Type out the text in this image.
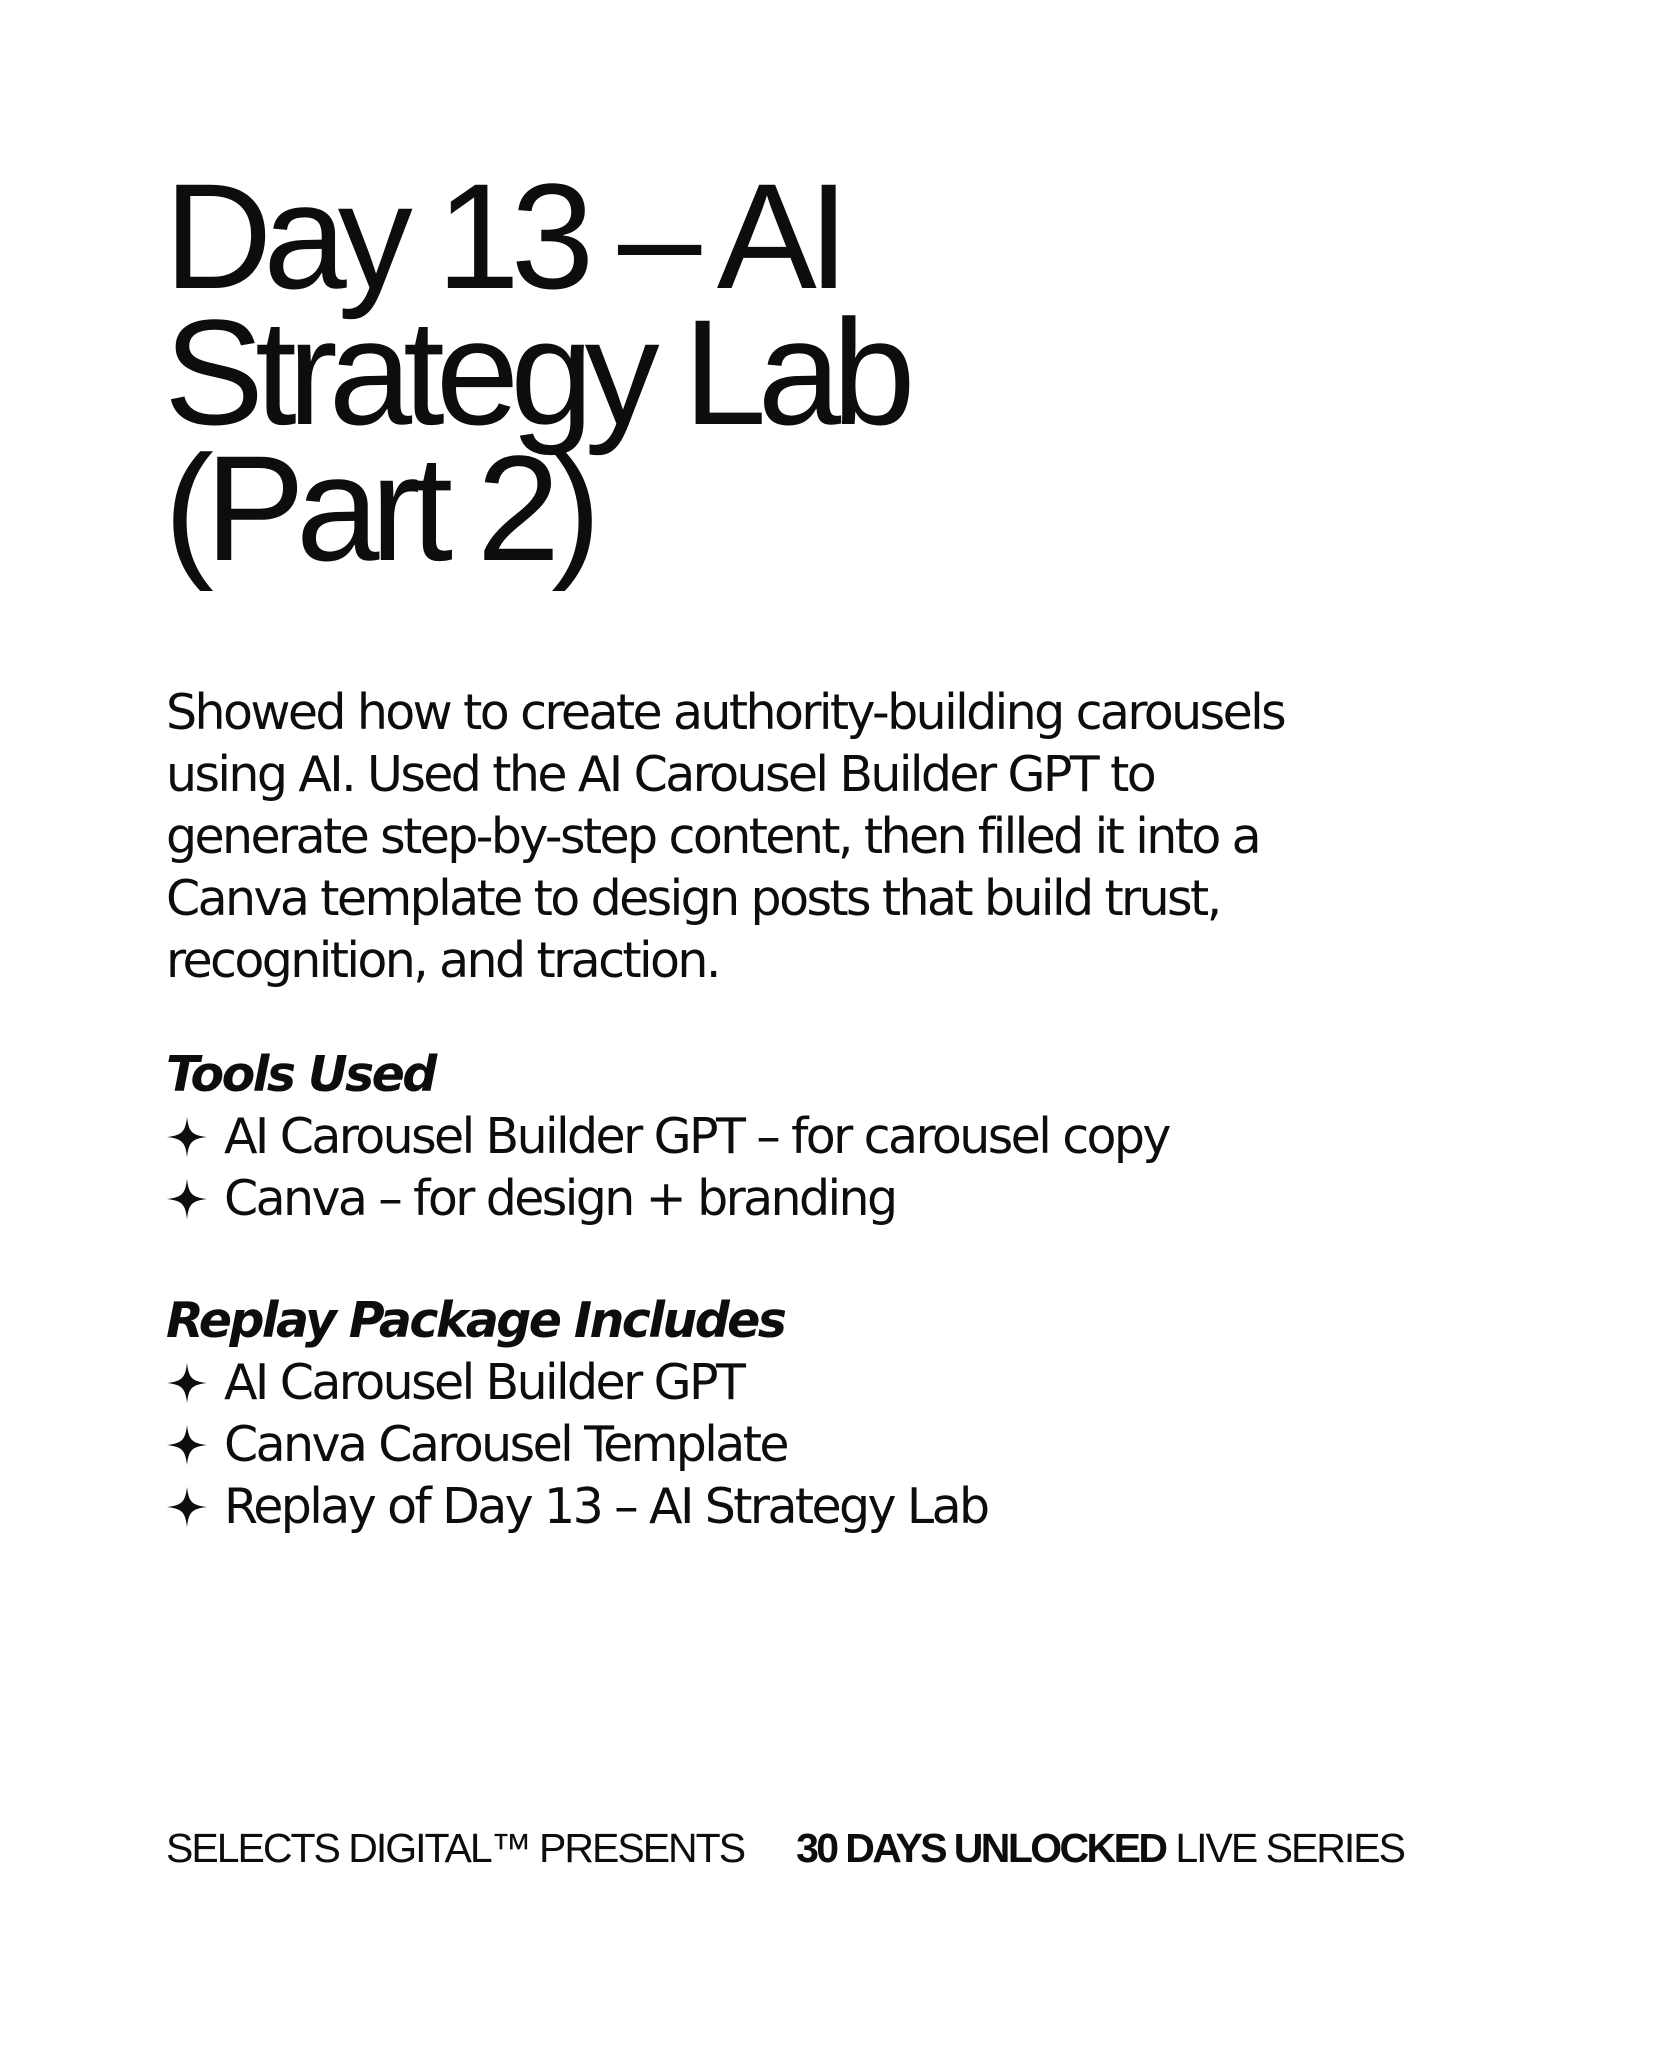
Day 13 – AI
Strategy Lab
(Part 2)

Showed how to create authority-building carousels
using AI. Used the AI Carousel Builder GPT to
generate step-by-step content, then filled it into a
Canva template to design posts that build trust,
recognition, and traction.

Tools Used
AI Carousel Builder GPT – for carousel copy
Canva – for design + branding
Replay Package Includes
AI Carousel Builder GPT
Canva Carousel Template
Replay of Day 13 – AI Strategy Lab
SELECTS DIGITAL™ PRESENTS 30 DAYS UNLOCKED LIVE SERIES
